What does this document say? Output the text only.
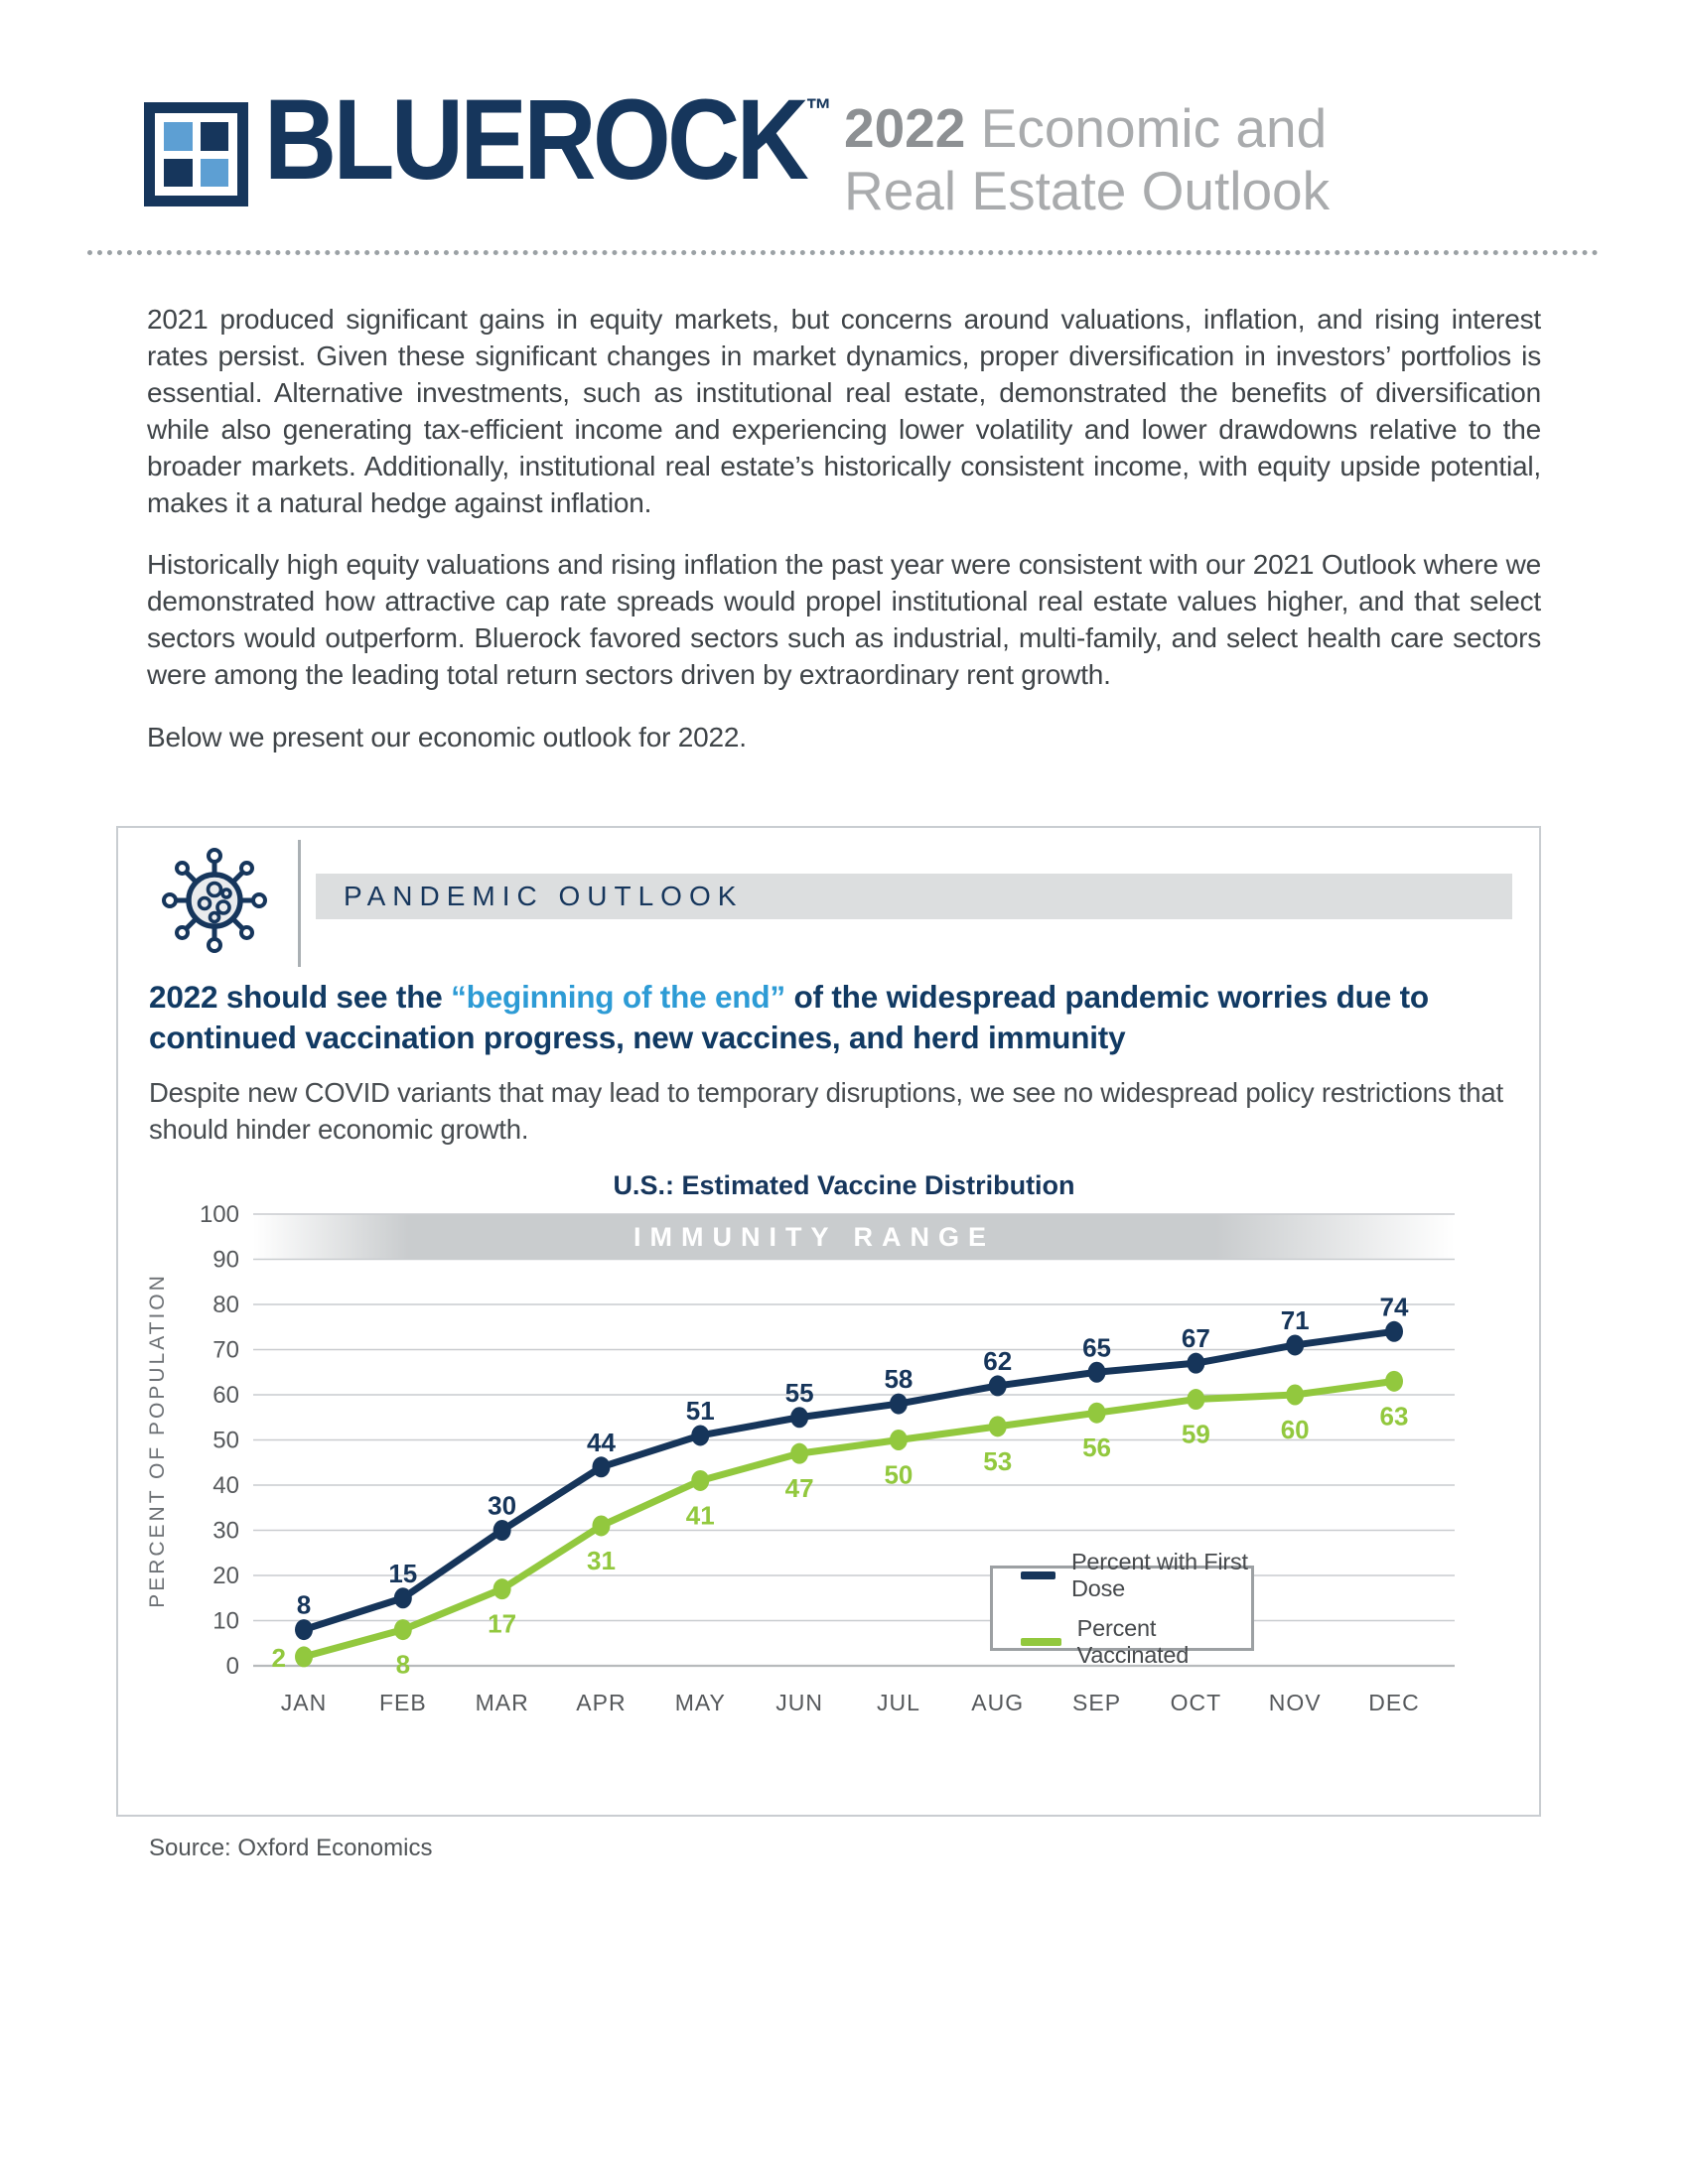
BLUEROCK™ 2022 Economic and
Real Estate Outlook
2021 produced significant gains in equity markets, but concerns around valuations, inflation, and rising interest rates persist. Given these significant changes in market dynamics, proper diversification in investors’ portfolios is essential. Alternative investments, such as institutional real estate, demonstrated the benefits of diversification while also generating tax-efficient income and experiencing lower volatility and lower drawdowns relative to the broader markets. Additionally, institutional real estate’s historically consistent income, with equity upside potential, makes it a natural hedge against inflation.
Historically high equity valuations and rising inflation the past year were consistent with our 2021 Outlook where we demonstrated how attractive cap rate spreads would propel institutional real estate values higher, and that select sectors would outperform. Bluerock favored sectors such as industrial, multi-family, and select health care sectors were among the leading total return sectors driven by extraordinary rent growth.
Below we present our economic outlook for 2022.
PANDEMIC OUTLOOK
2022 should see the “beginning of the end” of the widespread pandemic worries due to continued vaccination progress, new vaccines, and herd immunity
Despite new COVID variants that may lead to temporary disruptions, we see no widespread policy restrictions that should hinder economic growth.
U.S.: Estimated Vaccine Distribution
0
10
20
30
40
50
60
70
80
90
100
IMMUNITY RANGE
JAN FEB MAR APR MAY JUN JUL AUG SEP OCT NOV DEC
PERCENT OF POPULATION	8
15
30
44
51
55	58
62	65	67
71	74
2	8
17
31
41
47	50	53	56	59	60	63
Percent with First Dose
Percent Vaccinated
Source: Oxford Economics
